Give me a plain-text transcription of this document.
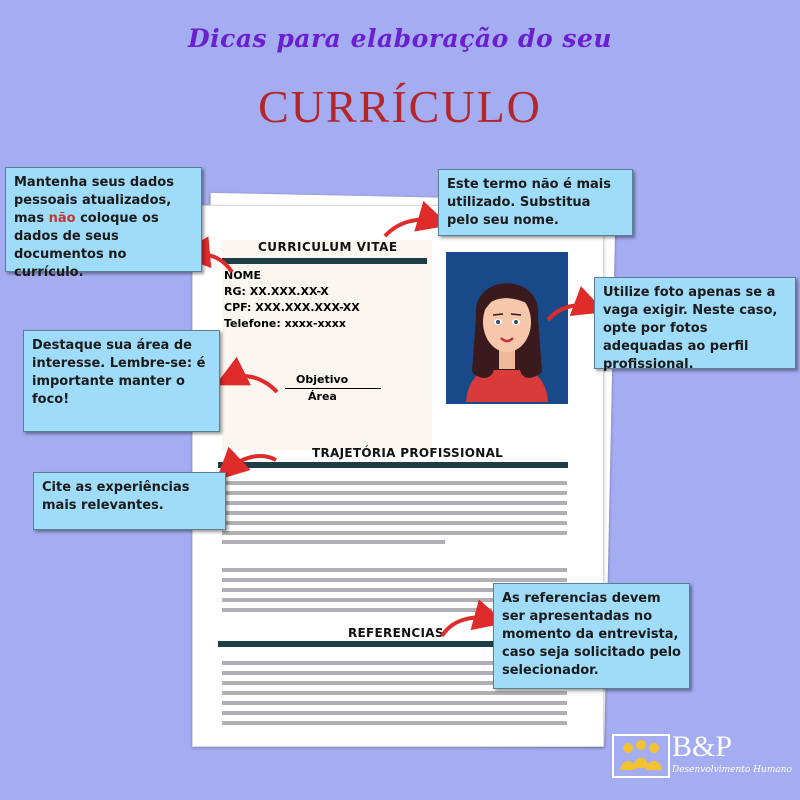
Dicas para elaboração do seu
CURRÍCULO
CURRICULUM VITAE
NOME
RG: XX.XXX.XX-X
CPF: XXX.XXX.XXX-XX
Telefone: xxxx-xxxx
Objetivo
Área
TRAJETÓRIA PROFISSIONAL
REFERENCIAS
Mantenha seus dados pessoais atualizados, mas não coloque os dados de seus documentos no currículo.
Este termo não é mais utilizado. Substitua pelo seu nome.
Utilize foto apenas se a vaga exigir. Neste caso, opte por fotos adequadas ao perfil profissional.
Destaque sua área de interesse. Lembre-se: é importante manter o foco!
Cite as experiências mais relevantes.
As referencias devem ser apresentadas no momento da entrevista, caso seja solicitado pelo selecionador.
B&P
Desenvolvimento Humano
